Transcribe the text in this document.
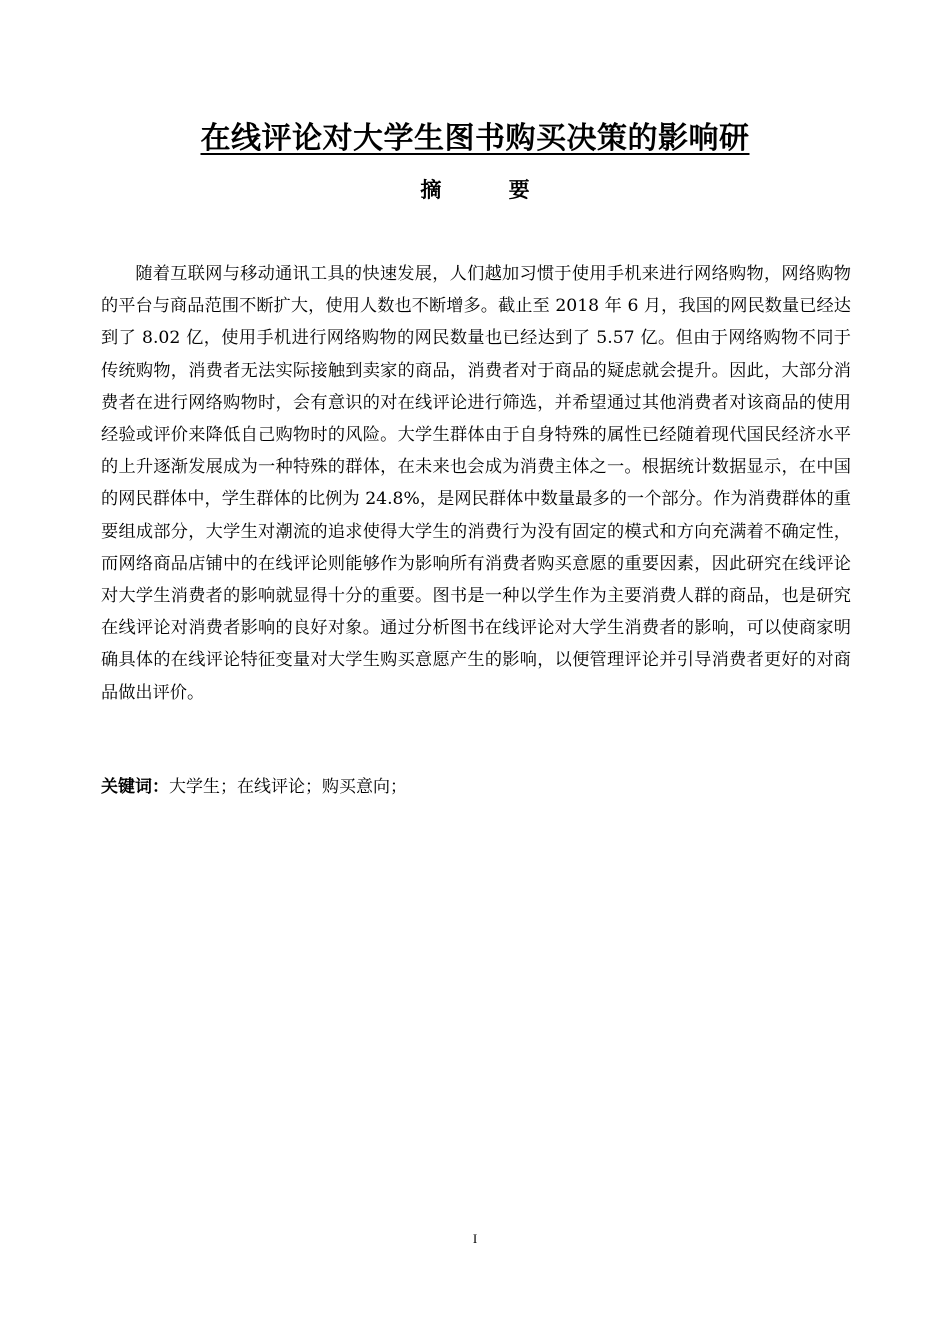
在线评论对大学生图书购买决策的影响研
摘 要

随着互联网与移动通讯工具的快速发展，人们越加习惯于使用手机来进行网络购物，网络购物的平台与商品范围不断扩大，使用人数也不断增多。截止至 2018 年 6 月，我国的网民数量已经达到了 8.02 亿，使用手机进行网络购物的网民数量也已经达到了 5.57 亿。但由于网络购物不同于传统购物，消费者无法实际接触到卖家的商品，消费者对于商品的疑虑就会提升。因此，大部分消费者在进行网络购物时，会有意识的对在线评论进行筛选，并希望通过其他消费者对该商品的使用经验或评价来降低自己购物时的风险。大学生群体由于自身特殊的属性已经随着现代国民经济水平的上升逐渐发展成为一种特殊的群体，在未来也会成为消费主体之一。根据统计数据显示，在中国的网民群体中，学生群体的比例为 24.8%，是网民群体中数量最多的一个部分。作为消费群体的重要组成部分，大学生对潮流的追求使得大学生的消费行为没有固定的模式和方向充满着不确定性，而网络商品店铺中的在线评论则能够作为影响所有消费者购买意愿的重要因素，因此研究在线评论对大学生消费者的影响就显得十分的重要。图书是一种以学生作为主要消费人群的商品，也是研究在线评论对消费者影响的良好对象。通过分析图书在线评论对大学生消费者的影响，可以使商家明确具体的在线评论特征变量对大学生购买意愿产生的影响，以便管理评论并引导消费者更好的对商品做出评价。

关键词：大学生；在线评论；购买意向；

I
